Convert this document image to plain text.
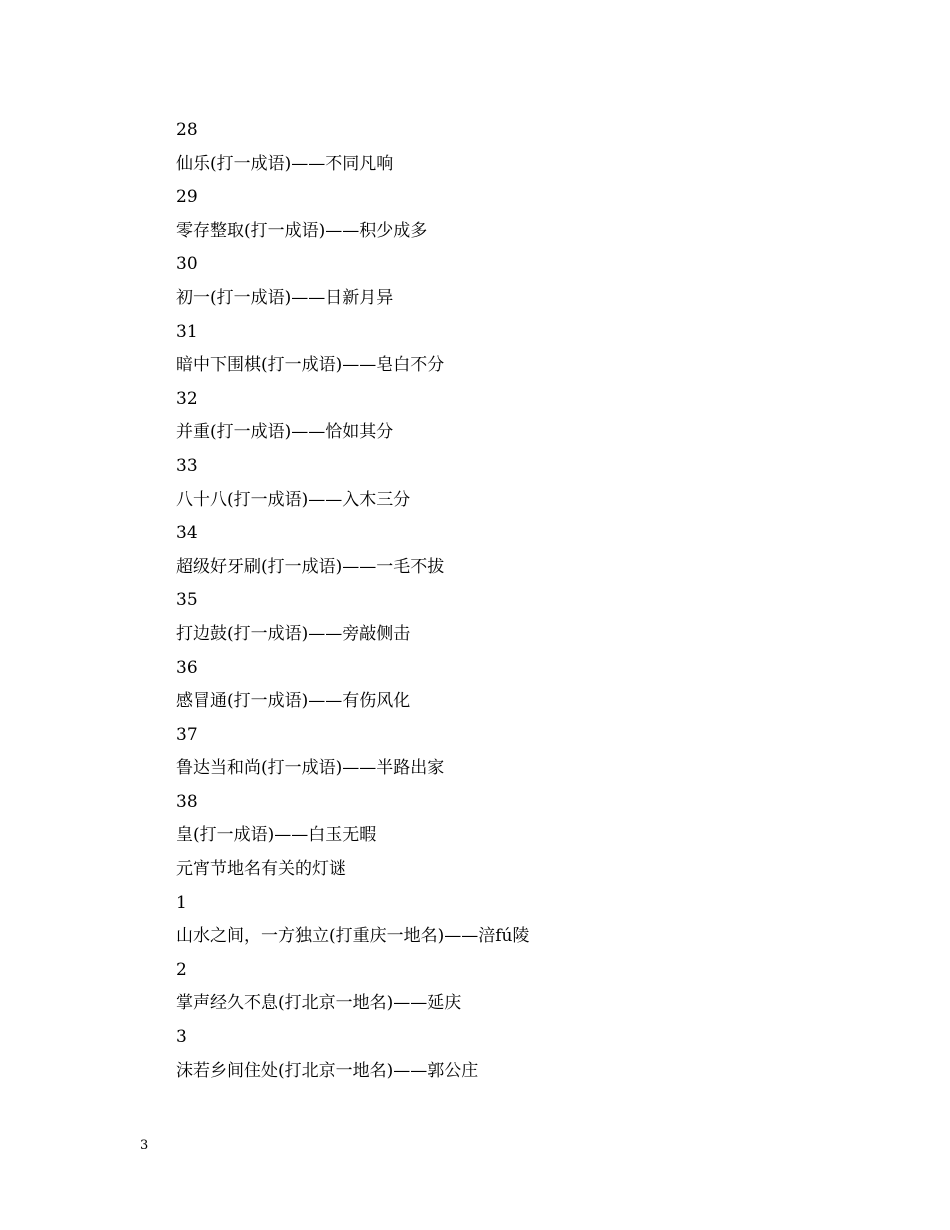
28
仙乐(打一成语)——不同凡响
29
零存整取(打一成语)——积少成多
30
初一(打一成语)——日新月异
31
暗中下围棋(打一成语)——皂白不分
32
并重(打一成语)——恰如其分
33
八十八(打一成语)——入木三分
34
超级好牙刷(打一成语)——一毛不拔
35
打边鼓(打一成语)——旁敲侧击
36
感冒通(打一成语)——有伤风化
37
鲁达当和尚(打一成语)——半路出家
38
皇(打一成语)——白玉无暇
元宵节地名有关的灯谜
1
山水之间，一方独立(打重庆一地名)——涪fú陵
2
掌声经久不息(打北京一地名)——延庆
3
沫若乡间住处(打北京一地名)——郭公庄
3
